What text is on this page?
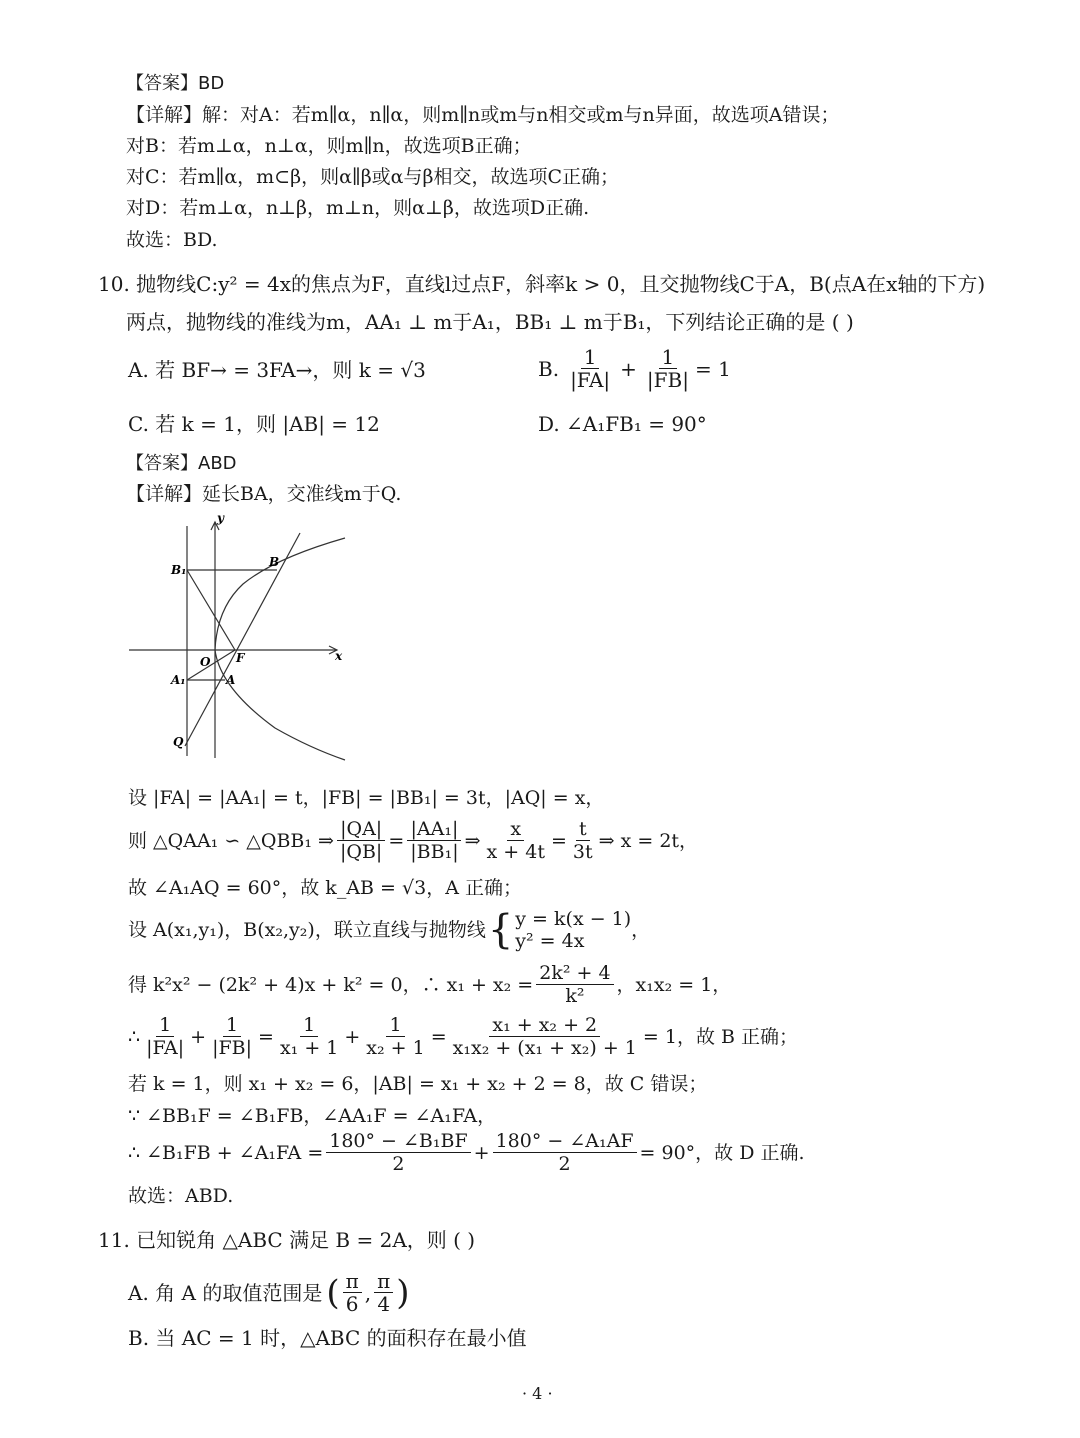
【答案】BD
【详解】解：对A：若m∥α，n∥α，则m∥n或m与n相交或m与n异面，故选项A错误；
对B：若m⊥α，n⊥α，则m∥n，故选项B正确；
对C：若m∥α，m⊂β，则α∥β或α与β相交，故选项C正确；
对D：若m⊥α，n⊥β，m⊥n，则α⊥β，故选项D正确.
故选：BD.
10. 抛物线C:y² = 4x的焦点为F，直线l过点F，斜率k > 0，且交抛物线C于A，B(点A在x轴的下方)
两点，抛物线的准线为m，AA₁ ⊥ m于A₁，BB₁ ⊥ m于B₁，下列结论正确的是 ( )
A. 若 BF→ = 3FA→，则 k = √3	B. $\frac{1}{|FA|} + \frac{1}{|FB|} = 1$
C. 若 k = 1，则 |AB| = 12	D. ∠A₁FB₁ = 90°
【答案】ABD
【详解】延长BA，交准线m于Q.
y
x
B₁
B
O F
A₁	A
Q
设 |FA| = |AA₁| = t，|FB| = |BB₁| = 3t，|AQ| = x，
则 △QAA₁ ∽ △QBB₁ ⇒ $\frac{|QA|}{|QB|} = \frac{\text{|AA₁|}}{\text{|BB₁|}}$ ⇒ $\frac{x}{x + 4t} = \frac{t}{3t}$ ⇒ x = 2t，
故 ∠A₁AQ = 60°，故 k_AB = √3，A 正确；
设 A(x₁,y₁)，B(x₂,y₂)，联立直线与抛物线 { y = k(x − 1)
y² = 4x	，
得 k²x² − (2k² + 4)x + k² = 0，∴ $x_1 + x_2 = \frac{\text{2k² + 4}}{\text{k²}}$ ，x₁x₂ = 1，
∴ $\frac{1}{|FA|} + \frac{1}{|FB|} = \frac{1}{\text{x₁ + 1}} + \frac{1}{\text{x₂ + 1}} = \frac{\text{x₁ + x₂ + 2}}{\text{x₁x₂ + (x₁ + x₂) + 1}} = 1$，故 B 正确；
若 k = 1，则 x₁ + x₂ = 6，|AB| = x₁ + x₂ + 2 = 8，故 C 错误；
∵ ∠BB₁F = ∠B₁FB，∠AA₁F = ∠A₁FA，
∴ ∠B₁FB + ∠A₁FA = $\frac{\text{180° − ∠B₁BF}}{2} + \frac{\text{180° − ∠A₁AF}}{2} = 90^\circ$，故 D 正确.
故选：ABD.
11. 已知锐角 △ABC 满足 B = 2A，则 ( )
A. 角 A 的取值范围是 ( $\frac{\pi}{6}$ , $\frac{\pi}{4}$ )
B. 当 AC = 1 时，△ABC 的面积存在最小值
· 4 ·
